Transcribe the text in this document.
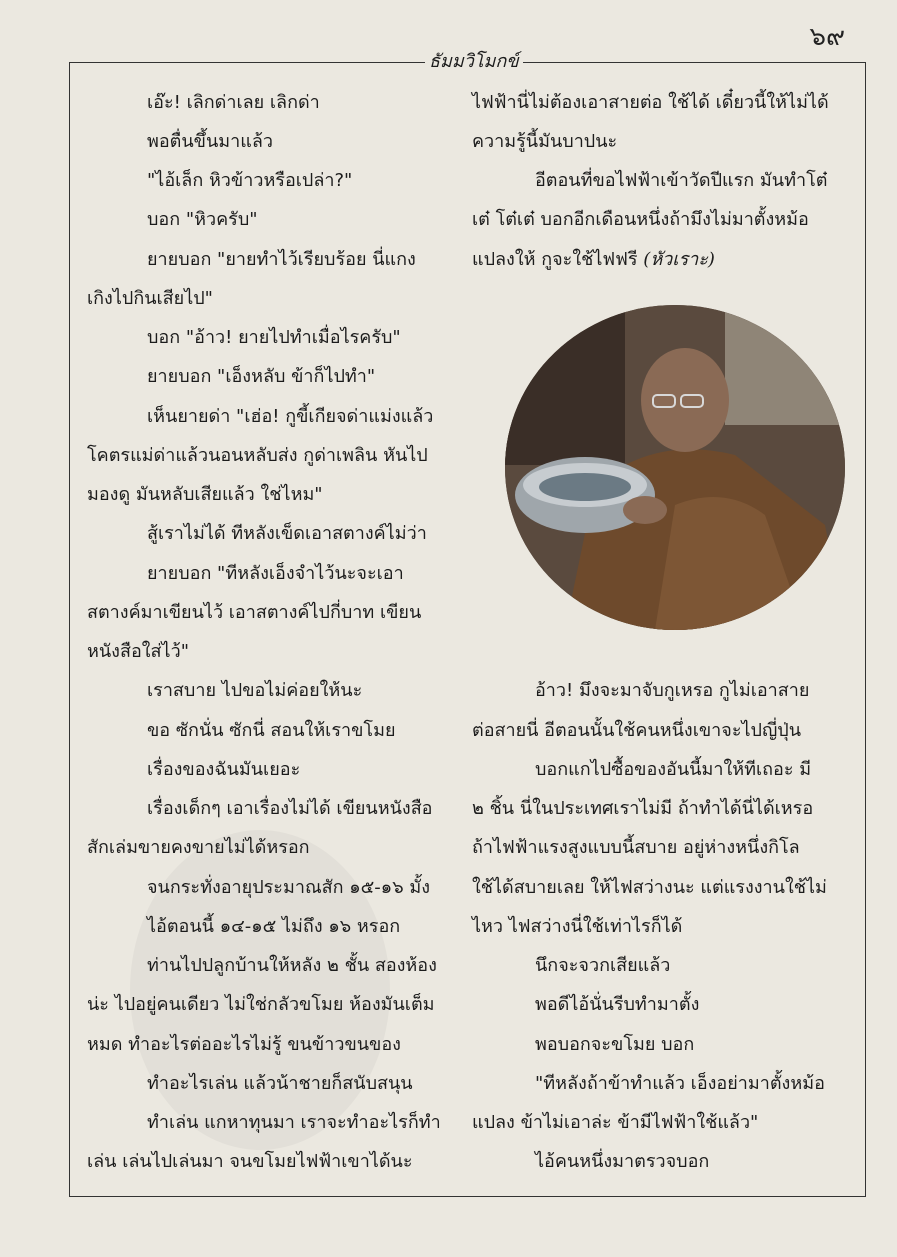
๖๙
ธัมมวิโมกข์
เอ๊ะ! เลิกด่าเลย เลิกด่า
พอตื่นขึ้นมาแล้ว
"ไอ้เล็ก หิวข้าวหรือเปล่า?"
บอก "หิวครับ"
ยายบอก "ยายทำไว้เรียบร้อย นี่แกง
เกิงไปกินเสียไป"
บอก "อ้าว! ยายไปทำเมื่อไรครับ"
ยายบอก "เอ็งหลับ ข้าก็ไปทำ"
เห็นยายด่า "เฮ่อ! กูขี้เกียจด่าแม่งแล้ว
โคตรแม่ด่าแล้วนอนหลับส่ง กูด่าเพลิน หันไป
มองดู มันหลับเสียแล้ว ใช่ไหม"
สู้เราไม่ได้ ทีหลังเข็ดเอาสตางค์ไม่ว่า
ยายบอก "ทีหลังเอ็งจำไว้นะจะเอา
สตางค์มาเขียนไว้ เอาสตางค์ไปกี่บาท เขียน
หนังสือใส่ไว้"
เราสบาย ไปขอไม่ค่อยให้นะ
ขอ ซักนั่น ซักนี่ สอนให้เราขโมย
เรื่องของฉันมันเยอะ
เรื่องเด็กๆ เอาเรื่องไม่ได้ เขียนหนังสือ
สักเล่มขายคงขายไม่ได้หรอก
จนกระทั่งอายุประมาณสัก ๑๕-๑๖ มั้ง
ไอ้ตอนนี้ ๑๔-๑๕ ไม่ถึง ๑๖ หรอก
ท่านไปปลูกบ้านให้หลัง ๒ ชั้น สองห้อง
น่ะ ไปอยู่คนเดียว ไม่ใช่กลัวขโมย ห้องมันเต็ม
หมด ทำอะไรต่ออะไรไม่รู้ ขนข้าวขนของ
ทำอะไรเล่น แล้วน้าชายก็สนับสนุน
ทำเล่น แกหาทุนมา เราจะทำอะไรก็ทำ
เล่น เล่นไปเล่นมา จนขโมยไฟฟ้าเขาได้นะ
ไฟฟ้านี่ไม่ต้องเอาสายต่อ ใช้ได้ เดี๋ยวนี้ให้ไม่ได้
ความรู้นี้มันบาปนะ
อีตอนที่ขอไฟฟ้าเข้าวัดปีแรก มันทำโต๋
เต๋ โต๋เต๋ บอกอีกเดือนหนึ่งถ้ามึงไม่มาตั้งหม้อ
แปลงให้ กูจะใช้ไฟฟรี (หัวเราะ)
อ้าว! มึงจะมาจับกูเหรอ กูไม่เอาสาย
ต่อสายนี่ อีตอนนั้นใช้คนหนึ่งเขาจะไปญี่ปุ่น
บอกแกไปซื้อของอันนี้มาให้ทีเถอะ มี
๒ ชิ้น นี่ในประเทศเราไม่มี ถ้าทำได้นี่ได้เหรอ
ถ้าไฟฟ้าแรงสูงแบบนี้สบาย อยู่ห่างหนึ่งกิโล
ใช้ได้สบายเลย ให้ไฟสว่างนะ แต่แรงงานใช้ไม่
ไหว ไฟสว่างนี่ใช้เท่าไรก็ได้
นึกจะจวกเสียแล้ว
พอดีไอ้นั่นรีบทำมาตั้ง
พอบอกจะขโมย บอก
"ทีหลังถ้าข้าทำแล้ว เอ็งอย่ามาตั้งหม้อ
แปลง ข้าไม่เอาล่ะ ข้ามีไฟฟ้าใช้แล้ว"
ไอ้คนหนึ่งมาตรวจบอก
